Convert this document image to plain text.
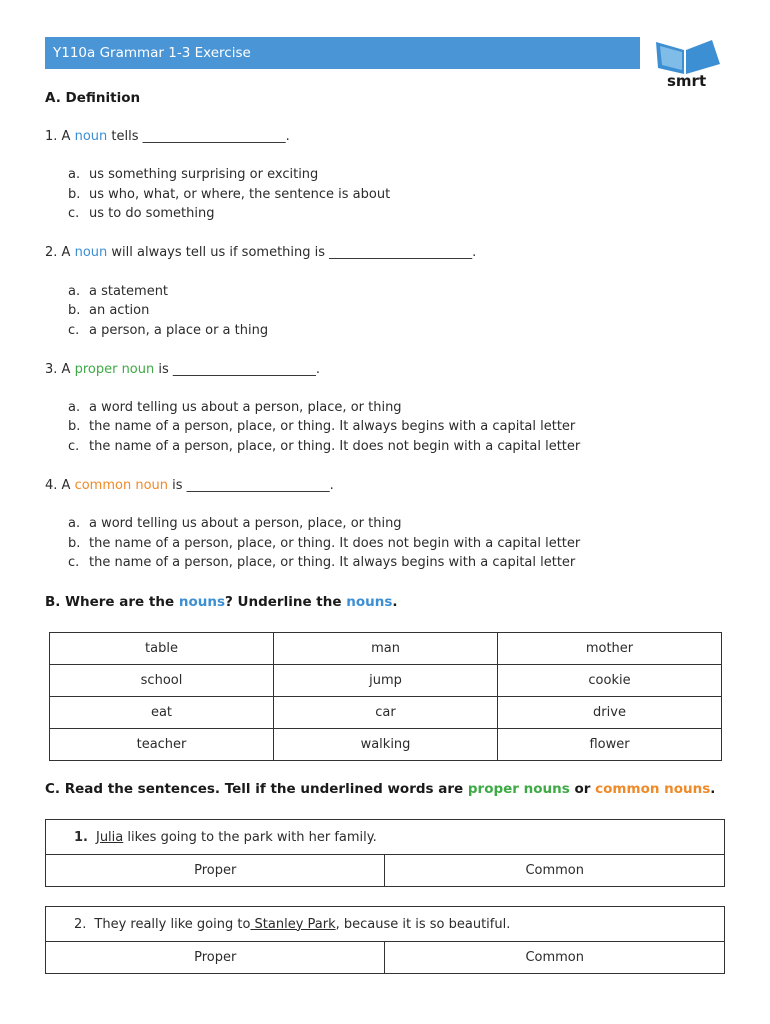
Y110a Grammar 1-3 Exercise
smrt
A. Definition
1. A noun tells ______________________.
a. us something surprising or exciting
b. us who, what, or where, the sentence is about
c. us to do something
2. A noun will always tell us if something is ______________________.
a. a statement
b. an action
c. a person, a place or a thing
3. A proper noun is ______________________.
a. a word telling us about a person, place, or thing
b. the name of a person, place, or thing. It always begins with a capital letter
c. the name of a person, place, or thing. It does not begin with a capital letter
4. A common noun is ______________________.
a. a word telling us about a person, place, or thing
b. the name of a person, place, or thing. It does not begin with a capital letter
c. the name of a person, place, or thing. It always begins with a capital letter
B. Where are the nouns? Underline the nouns.
table	man	mother
school	jump	cookie
eat	car	drive
teacher	walking	flower
C. Read the sentences. Tell if the underlined words are proper nouns or common nouns.
1. Julia likes going to the park with her family.
Proper	Common
2. They really like going to Stanley Park, because it is so beautiful.
Proper	Common
